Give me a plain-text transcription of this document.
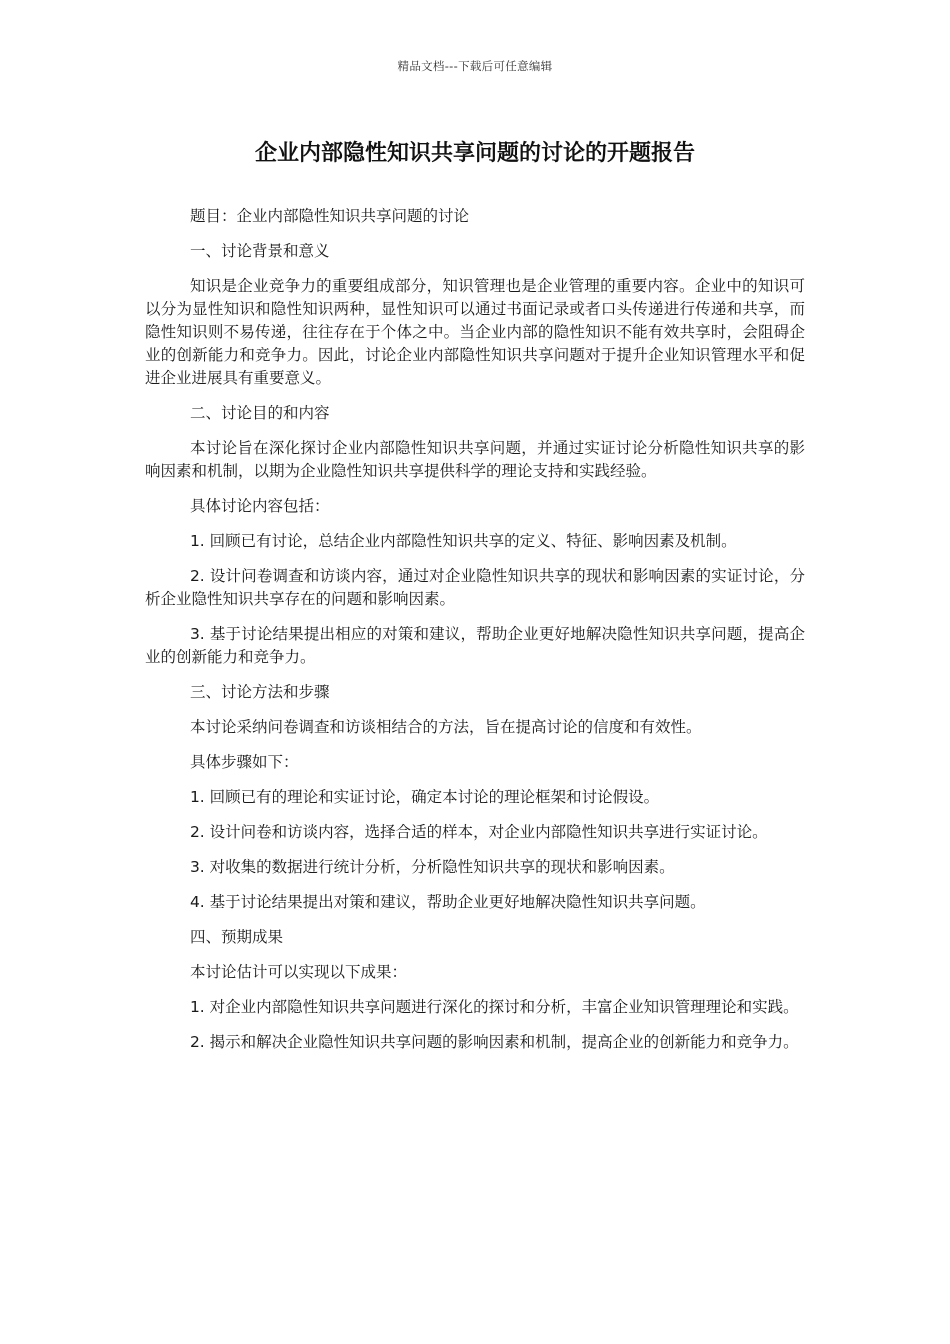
精品文档---下载后可任意编辑
企业内部隐性知识共享问题的讨论的开题报告

题目：企业内部隐性知识共享问题的讨论

一、讨论背景和意义

知识是企业竞争力的重要组成部分，知识管理也是企业管理的重要内容。企业中的知识可以分为显性知识和隐性知识两种，显性知识可以通过书面记录或者口头传递进行传递和共享，而隐性知识则不易传递，往往存在于个体之中。当企业内部的隐性知识不能有效共享时，会阻碍企业的创新能力和竞争力。因此，讨论企业内部隐性知识共享问题对于提升企业知识管理水平和促进企业进展具有重要意义。

二、讨论目的和内容

本讨论旨在深化探讨企业内部隐性知识共享问题，并通过实证讨论分析隐性知识共享的影响因素和机制，以期为企业隐性知识共享提供科学的理论支持和实践经验。

具体讨论内容包括：

1. 回顾已有讨论，总结企业内部隐性知识共享的定义、特征、影响因素及机制。

2. 设计问卷调查和访谈内容，通过对企业隐性知识共享的现状和影响因素的实证讨论，分析企业隐性知识共享存在的问题和影响因素。

3. 基于讨论结果提出相应的对策和建议，帮助企业更好地解决隐性知识共享问题，提高企业的创新能力和竞争力。

三、讨论方法和步骤

本讨论采纳问卷调查和访谈相结合的方法，旨在提高讨论的信度和有效性。

具体步骤如下：

1. 回顾已有的理论和实证讨论，确定本讨论的理论框架和讨论假设。

2. 设计问卷和访谈内容，选择合适的样本，对企业内部隐性知识共享进行实证讨论。

3. 对收集的数据进行统计分析，分析隐性知识共享的现状和影响因素。

4. 基于讨论结果提出对策和建议，帮助企业更好地解决隐性知识共享问题。

四、预期成果

本讨论估计可以实现以下成果：

1. 对企业内部隐性知识共享问题进行深化的探讨和分析，丰富企业知识管理理论和实践。

2. 揭示和解决企业隐性知识共享问题的影响因素和机制，提高企业的创新能力和竞争力。
